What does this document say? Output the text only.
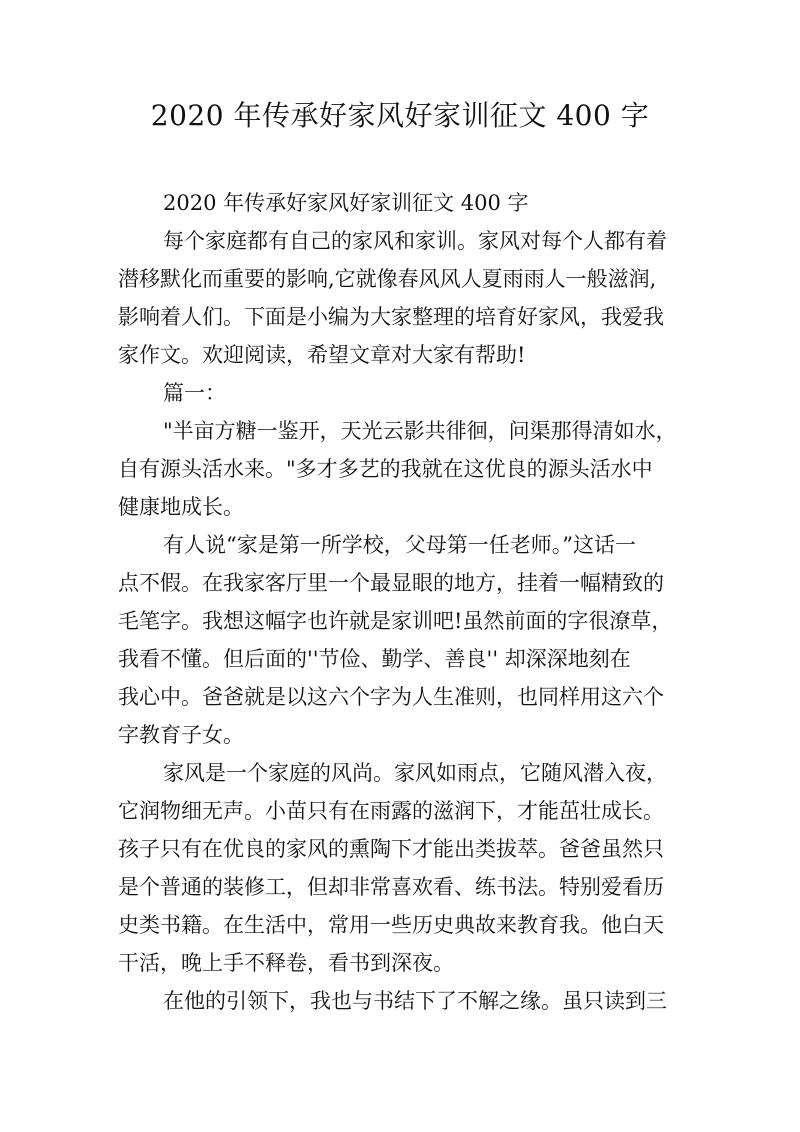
2020 年传承好家风好家训征文 400 字
2020 年传承好家风好家训征文 400 字
每个家庭都有自己的家风和家训。家风对每个人都有着
潜移默化而重要的影响,它就像春风风人夏雨雨人一般滋润,
影响着人们。下面是小编为大家整理的培育好家风，我爱我
家作文。欢迎阅读，希望文章对大家有帮助!
篇一：
"半亩方糖一鉴开，天光云影共徘徊，问渠那得清如水，
自有源头活水来。"多才多艺的我就在这优良的源头活水中
健康地成长。
有人说“家是第一所学校，父母第一任老师。”这话一
点不假。在我家客厅里一个最显眼的地方，挂着一幅精致的
毛笔字。我想这幅字也许就是家训吧!虽然前面的字很潦草，
我看不懂。但后面的''节俭、勤学、善良'' 却深深地刻在
我心中。爸爸就是以这六个字为人生准则，也同样用这六个
字教育子女。
家风是一个家庭的风尚。家风如雨点，它随风潜入夜，
它润物细无声。小苗只有在雨露的滋润下，才能茁壮成长。
孩子只有在优良的家风的熏陶下才能出类拔萃。爸爸虽然只
是个普通的装修工，但却非常喜欢看、练书法。特别爱看历
史类书籍。在生活中，常用一些历史典故来教育我。他白天
干活，晚上手不释卷，看书到深夜。
在他的引领下，我也与书结下了不解之缘。虽只读到三
